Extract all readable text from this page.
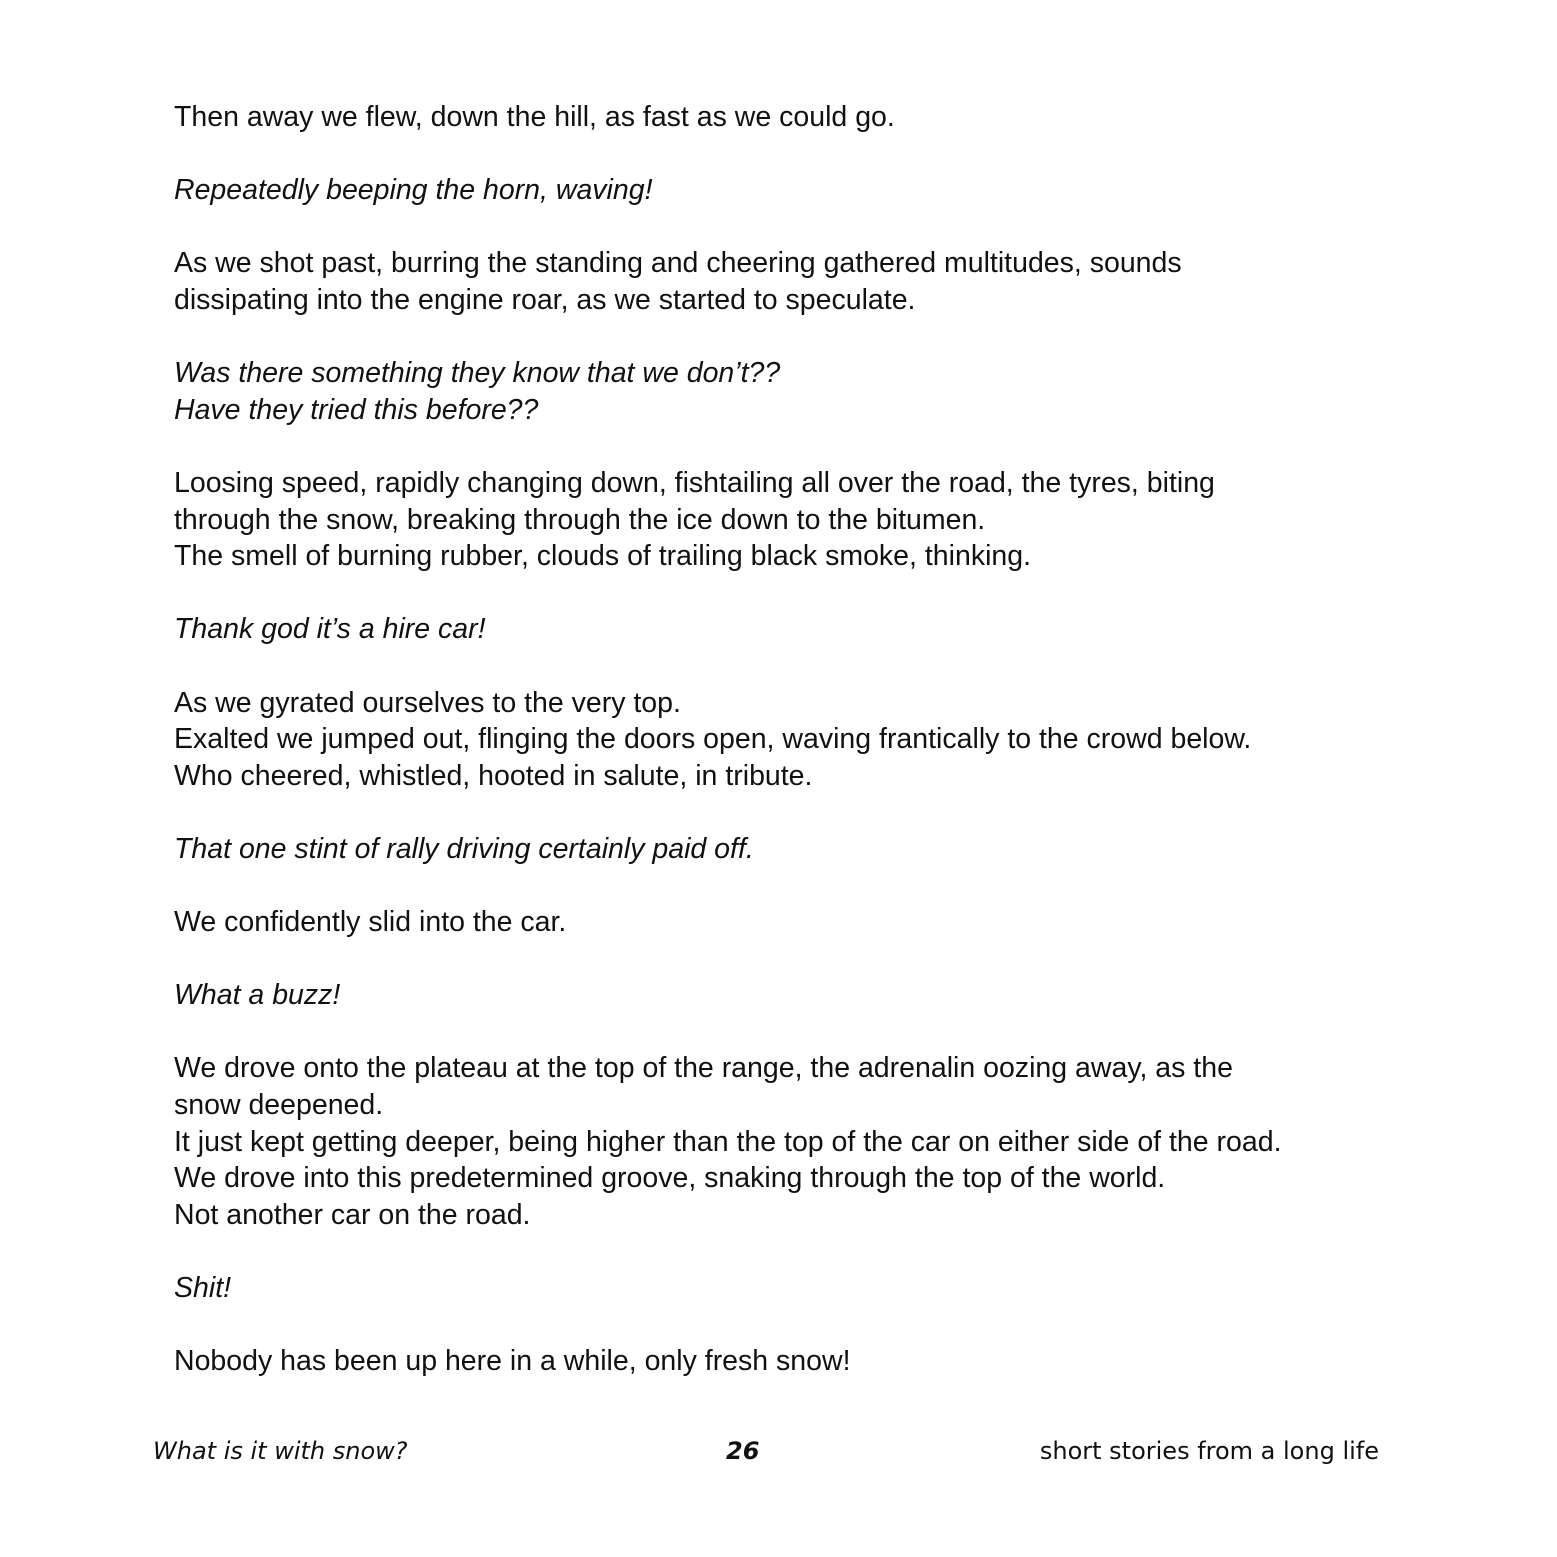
Then away we flew, down the hill, as fast as we could go.

Repeatedly beeping the horn, waving!

As we shot past, burring the standing and cheering gathered multitudes, sounds
dissipating into the engine roar, as we started to speculate.

Was there something they know that we don’t??
Have they tried this before??

Loosing speed, rapidly changing down, fishtailing all over the road, the tyres, biting
through the snow, breaking through the ice down to the bitumen.
The smell of burning rubber, clouds of trailing black smoke, thinking.

Thank god it’s a hire car!

As we gyrated ourselves to the very top.
Exalted we jumped out, flinging the doors open, waving frantically to the crowd below.
Who cheered, whistled, hooted in salute, in tribute.

That one stint of rally driving certainly paid off.

We confidently slid into the car.

What a buzz!

We drove onto the plateau at the top of the range, the adrenalin oozing away, as the
snow deepened.
It just kept getting deeper, being higher than the top of the car on either side of the road.
We drove into this predetermined groove, snaking through the top of the world.
Not another car on the road.

Shit!

Nobody has been up here in a while, only fresh snow!

What is it with snow?	26	short stories from a long life
